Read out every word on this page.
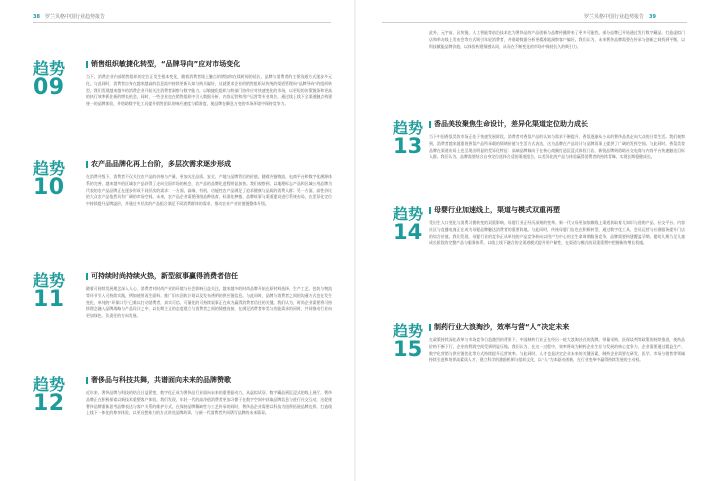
38 罗兰贝格中国行业趋势报告
趋势
09
销售组织敏捷化转型，“品牌导向”应对市场变化

当下，消费企业内部销售组织的定位正发生根本变化，随着消费者线上触点的增加和在线时间的延长，品牌与消费者的主要沟通方式逐步多元化。与此同时，消费者自身在越来越高的信息流中持续更新认知与购买偏好，这就要求企业的销售组织从传统的渠道管理向“品牌导向”的组织转型。我们发现越来越多的消费企业开始关注消费者洞察与数字能力，以敏捷化组织与跨部门协作应对快速变化的市场，以更短的决策链条和更高的执行效率抓住新的增长机会。同时，一些企业也在销售组织中引入数据分析、内容运营和用户运营等专业岗位，通过线上线下全渠道触点构建统一的品牌体验，并借助数字化工具提升销售团队的响应速度与精准度，使品牌在瞬息万变的市场环境中保持竞争力。

趋势
10
农产品品牌化再上台阶，多层次需求逐步形成

在消费升级下，消费者不仅关注农产品的价格与产量，更加关注品质、安全、产地与品牌背后的价值。随着冷链物流、电商平台和数字化溯源体系的完善，越来越多的区域农产品获得了走向全国市场的机会，农产品的品牌化进程明显加快。我们观察到，以地理标志产品和区域公用品牌为代表的农产品品牌正在逐步形成不同层次的需求：一方面，高端、有机、功能性农产品满足了追求健康与品质的消费人群；另一方面，高性价比的大众农产品依然具有广阔的市场空间。未来，农产品企业需要围绕品种选育、标准化种植、品牌故事与渠道建设进行系统布局，在差异化定位中持续提升品牌溢价，并通过多层次的产品组合满足不同消费群体的需求，推动农业产业价值链整体升级。

趋势
11
可持续时尚持续火热，新型叙事赢得消费者信任

随着可持续发展理念深入人心，消费者对时尚产业的环境与社会影响日益关注。越来越多的时尚品牌开始在原材料选择、生产工艺、包装与物流等环节引入可持续实践，例如使用再生面料、推广旧衣回收计划以及发布透明的供应链信息。与此同时，品牌与消费者之间的沟通方式也在发生变化，单纯的“环保口号”已难以打动消费者，真实可信、可量化的可持续叙事正在成为赢得消费者信任的关键。我们认为，时尚企业需要将可持续理念融入品牌战略与产品设计之中，以长期主义的态度建立与消费者之间的情感连接，在满足消费者审美与功能需求的同时，共同推动行业向更加绿色、负责任的方向发展。

趋势
12
奢侈品与科技共舞，共谱面向未来的品牌赞歌

近年来，奢侈品牌与科技的结合日益紧密，数字化正成为奢侈品行业面向未来的重要驱动力。从虚拟试穿、数字藏品到沉浸式的线上展厅，奢侈品牌正在积极探索以新技术重塑客户体验。我们发现，年轻一代的高净值消费者更加习惯于在数字空间中获取品牌信息与进行社交互动，这促使奢侈品牌重新思考品牌表达与客户关系的维护方式。在保持品牌稀缺性与工艺传承的同时，奢侈品企业需要以科技为纽带拓展品牌边界，打造线上线下一体化的尊享体验，以更具想象力的方式讲述品牌故事，与新一代消费者共同谱写品牌的未来篇章。

罗兰贝格中国行业趋势报告 39

此外，元宇宙、区块链、人工智能等前沿技术也为奢侈品的产品创新与品牌传播带来了更多可能性。部分品牌已开始通过发行数字藏品、打造虚拟门店和举办线上发布会等方式吸引年轻消费者，并借助数据分析更精准地洞察客户偏好。我们认为，未来奢侈品牌需要在传承与创新之间找到平衡，以科技赋能品牌价值，以体验构建情感认同，从而在不断变化的市场中保持长久的吸引力。

趋势
13
香品美妆聚焦生命设计，差异化渠道定位助力成长

当下中国香氛美妆市场正处于快速发展阶段，消费者对香氛产品的认知与需求不断提升，香氛逐渐从小众的奢侈品类走向大众的日常生活。我们观察到，消费者越来越重视香氛产品所承载的情绪价值与生活方式表达，这为品牌在产品设计与品牌叙事上提供了广阔的发挥空间。与此同时，香氛美妆品牌在渠道布局上也呈现出明显的差异化特征：高端品牌倾向于在核心商圈打造沉浸式体验门店，新锐品牌则借助社交电商与内容平台快速触达目标人群。我们认为，品牌需要结合自身定位选择合适的渠道组合，以差异化的产品与体验赢得消费者的持续青睐，实现长期稳健成长。

趋势
14
母婴行业加速线上，渠道与模式双重再塑

受出生人口变化与消费习惯转变的双重影响，母婴行业正经历深刻的变革。新一代父母更加依赖线上渠道获取育儿知识与选购产品，社交平台、内容社区与直播电商正在成为母婴品牌触达消费者的重要阵地。与此同时，传统母婴门店也在积极转型，通过数字化工具、会员运营与社群服务提升门店的综合价值。我们发现，母婴行业的竞争正从单纯的产品竞争转向以用户为中心的全生命周期服务竞争，品牌需要构建覆盖孕期、婴幼儿期乃至儿童成长阶段的完整产品与服务体系，以线上线下融合的全渠道模式提升用户黏性，在渠道与模式的双重重塑中把握新的增长机遇。

趋势
15
制药行业大浪淘沙，效率与营“人”决定未来

在政策持续深化改革与市场竞争日趋激烈的背景下，中国制药行业正在经历一轮大浪淘沙式的洗牌。带量采购、医保谈判等政策的持续推进，使药品价格不断下行，企业的利润空间受到明显压缩。我们认为，在这一过程中，效率将成为制药企业生存与发展的核心竞争力，企业需要通过精益生产、数字化营销与供应链优化等方式持续提升运营效率。与此同时，人才也是决定企业未来的关键因素，制药企业需要在研发、医学、市场与销售等领域持续引进和培养高素质人才，建立科学的激励机制与组织文化，以“人”为本驱动创新，在行业变革中赢得持续发展的主动权。
